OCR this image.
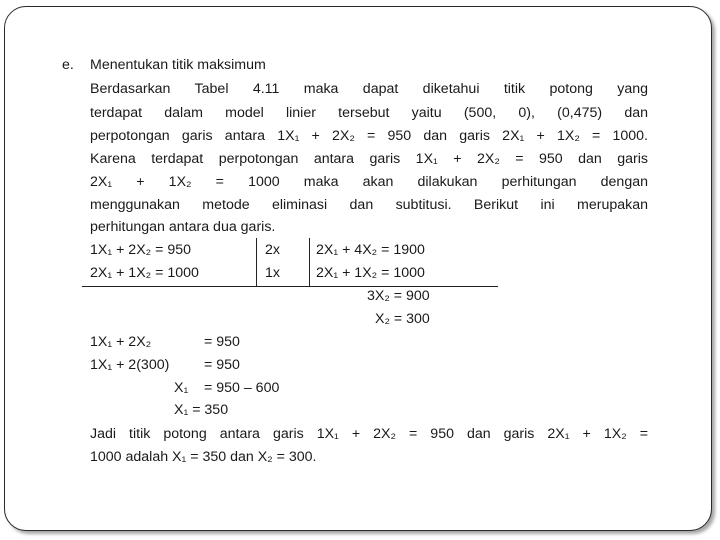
e. Menentukan titik maksimum
Berdasarkan Tabel 4.11 maka dapat diketahui titik potong yang
terdapat dalam model linier tersebut yaitu (500, 0), (0,475) dan
perpotongan garis antara 1X₁ + 2X₂ = 950 dan garis 2X₁ + 1X₂ = 1000.
Karena terdapat perpotongan antara garis 1X₁ + 2X₂ = 950 dan garis
2X₁ + 1X₂ = 1000 maka akan dilakukan perhitungan dengan
menggunakan metode eliminasi dan subtitusi. Berikut ini merupakan
perhitungan antara dua garis.
1X₁ + 2X₂ = 950	2x	2X₁ + 4X₂ = 1900
2X₁ + 1X₂ = 1000	1x	2X₁ + 1X₂ = 1000
3X₂ = 900
X₂ = 300
1X₁ + 2X₂	= 950
1X₁ + 2(300) = 950
X₁ = 950 – 600
X₁ = 350
Jadi titik potong antara garis 1X₁ + 2X₂ = 950 dan garis 2X₁ + 1X₂ =
1000 adalah X₁ = 350 dan X₂ = 300.
